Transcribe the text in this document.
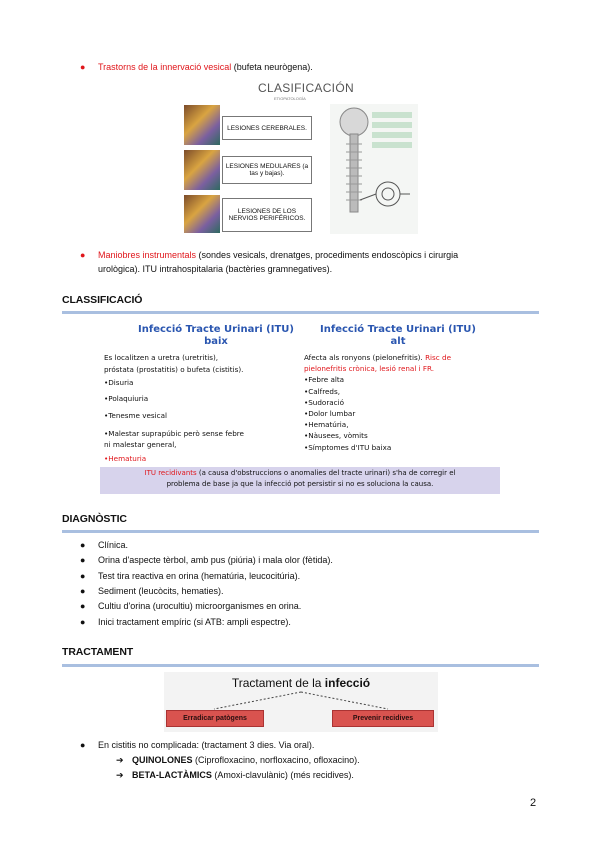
● Trastorns de la innervació vesical (bufeta neurògena).
CLASIFICACIÓN
ETIOPATOLOGÍA
LESIONES CEREBRALES.
LESIONES MEDULARES (a tas y bajas).
LESIONES DE LOS NERVIOS PERIFÉRICOS.
● Maniobres instrumentals (sondes vesicals, drenatges, procediments endoscòpics i cirurgia
urològica). ITU intrahospitalaria (bactèries gramnegatives).
CLASSIFICACIÓ
Infecció Tracte Urinari (ITU)
baix
Infecció Tracte Urinari (ITU)
alt
Es localitzen a uretra (uretritis),
próstata (prostatitis) o bufeta (cistitis).
•Disuria
•Polaquiuria
•Tenesme vesical
•Malestar suprapúbic però sense febre
ni malestar general,
•Hematuria
Afecta als ronyons (pielonefritis). Risc de
pielonefritis crònica, lesió renal i FR.
•Febre alta
•Calfreds,
•Sudoració
•Dolor lumbar
•Hematúria,
•Nàusees, vòmits
•Símptomes d'ITU baixa
ITU recidivants (a causa d'obstruccions o anomalies del tracte urinari) s'ha de corregir el
problema de base ja que la infecció pot persistir si no es soluciona la causa.
DIAGNÒSTIC
● Clínica.
● Orina d'aspecte tèrbol, amb pus (piúria) i mala olor (fètida).
● Test tira reactiva en orina (hematúria, leucocitúria).
● Sediment (leucòcits, hematies).
● Cultiu d'orina (urocultiu) microorganismes en orina.
● Inici tractament empíric (si ATB: ampli espectre).
TRACTAMENT
Tractament de la infecció
Erradicar patògens	Prevenir recidives
● En cistitis no complicada: (tractament 3 dies. Via oral).
➔ QUINOLONES (Ciprofloxacino, norfloxacino, ofloxacino).
➔ BETA-LACTÀMICS (Amoxi-clavulànic) (més recidives).
2
